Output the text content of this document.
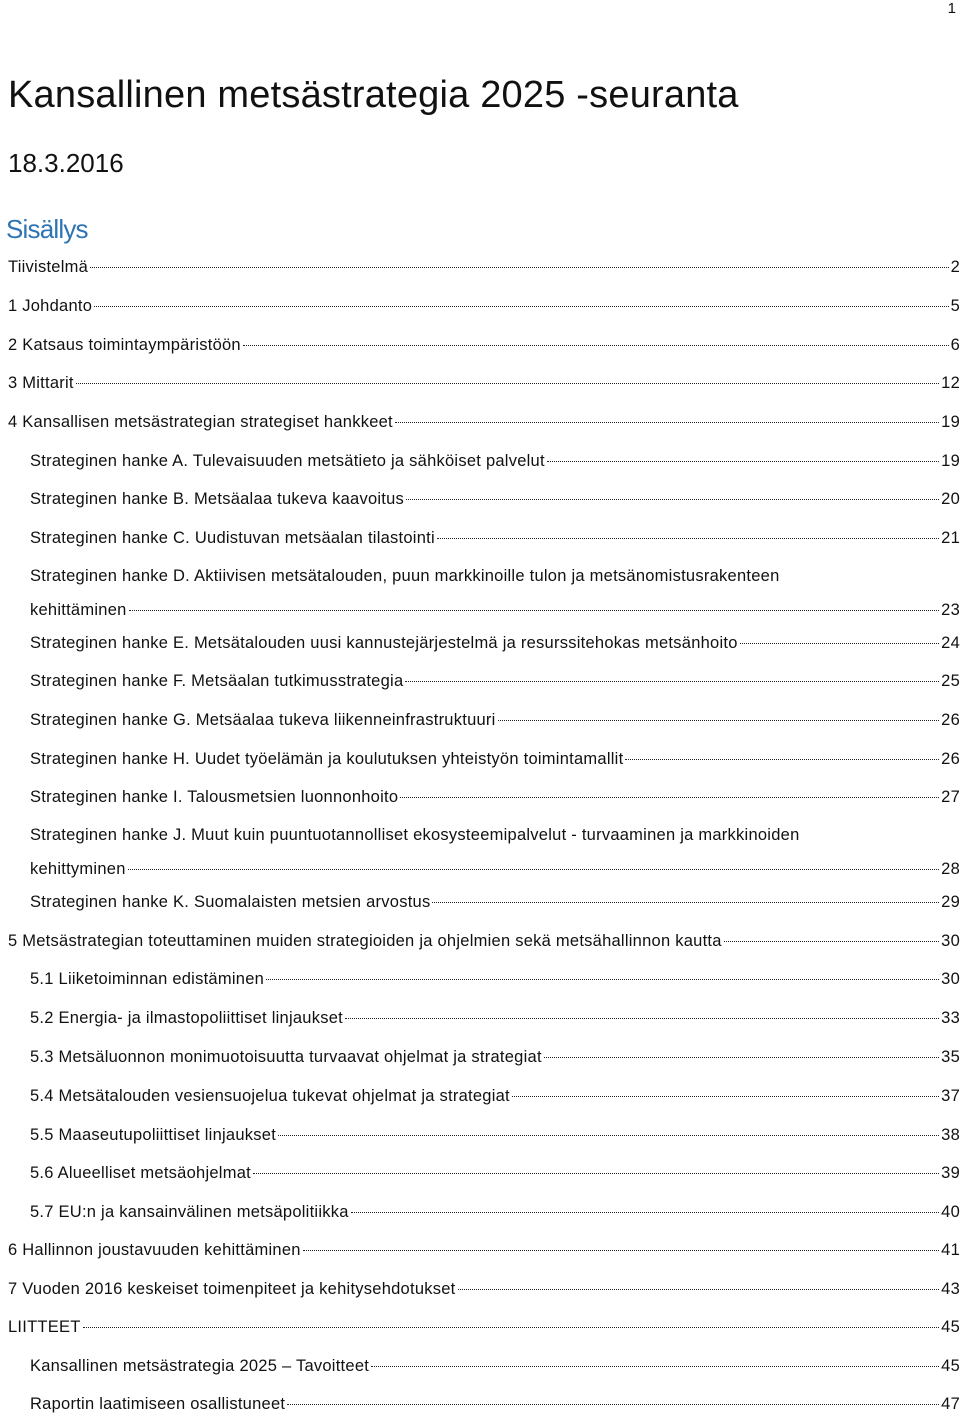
1
Kansallinen metsästrategia 2025 -seuranta
18.3.2016
Sisällys
Tiivistelmä	2
1 Johdanto	5
2 Katsaus toimintaympäristöön	6
3 Mittarit	12
4 Kansallisen metsästrategian strategiset hankkeet	19
Strateginen hanke A. Tulevaisuuden metsätieto ja sähköiset palvelut	19
Strateginen hanke B. Metsäalaa tukeva kaavoitus	20
Strateginen hanke C. Uudistuvan metsäalan tilastointi	21
Strateginen hanke D. Aktiivisen metsätalouden, puun markkinoille tulon ja metsänomistusrakenteen
kehittäminen	23
Strateginen hanke E. Metsätalouden uusi kannustejärjestelmä ja resurssitehokas metsänhoito	24
Strateginen hanke F. Metsäalan tutkimusstrategia	25
Strateginen hanke G. Metsäalaa tukeva liikenneinfrastruktuuri	26
Strateginen hanke H. Uudet työelämän ja koulutuksen yhteistyön toimintamallit	26
Strateginen hanke I. Talousmetsien luonnonhoito	27
Strateginen hanke J. Muut kuin puuntuotannolliset ekosysteemipalvelut - turvaaminen ja markkinoiden
kehittyminen	28
Strateginen hanke K. Suomalaisten metsien arvostus	29
5 Metsästrategian toteuttaminen muiden strategioiden ja ohjelmien sekä metsähallinnon kautta	30
5.1 Liiketoiminnan edistäminen	30
5.2 Energia- ja ilmastopoliittiset linjaukset	33
5.3 Metsäluonnon monimuotoisuutta turvaavat ohjelmat ja strategiat	35
5.4 Metsätalouden vesiensuojelua tukevat ohjelmat ja strategiat	37
5.5 Maaseutupoliittiset linjaukset	38
5.6 Alueelliset metsäohjelmat	39
5.7 EU:n ja kansainvälinen metsäpolitiikka	40
6 Hallinnon joustavuuden kehittäminen	41
7 Vuoden 2016 keskeiset toimenpiteet ja kehitysehdotukset	43
LIITTEET	45
Kansallinen metsästrategia 2025 – Tavoitteet	45
Raportin laatimiseen osallistuneet	47
